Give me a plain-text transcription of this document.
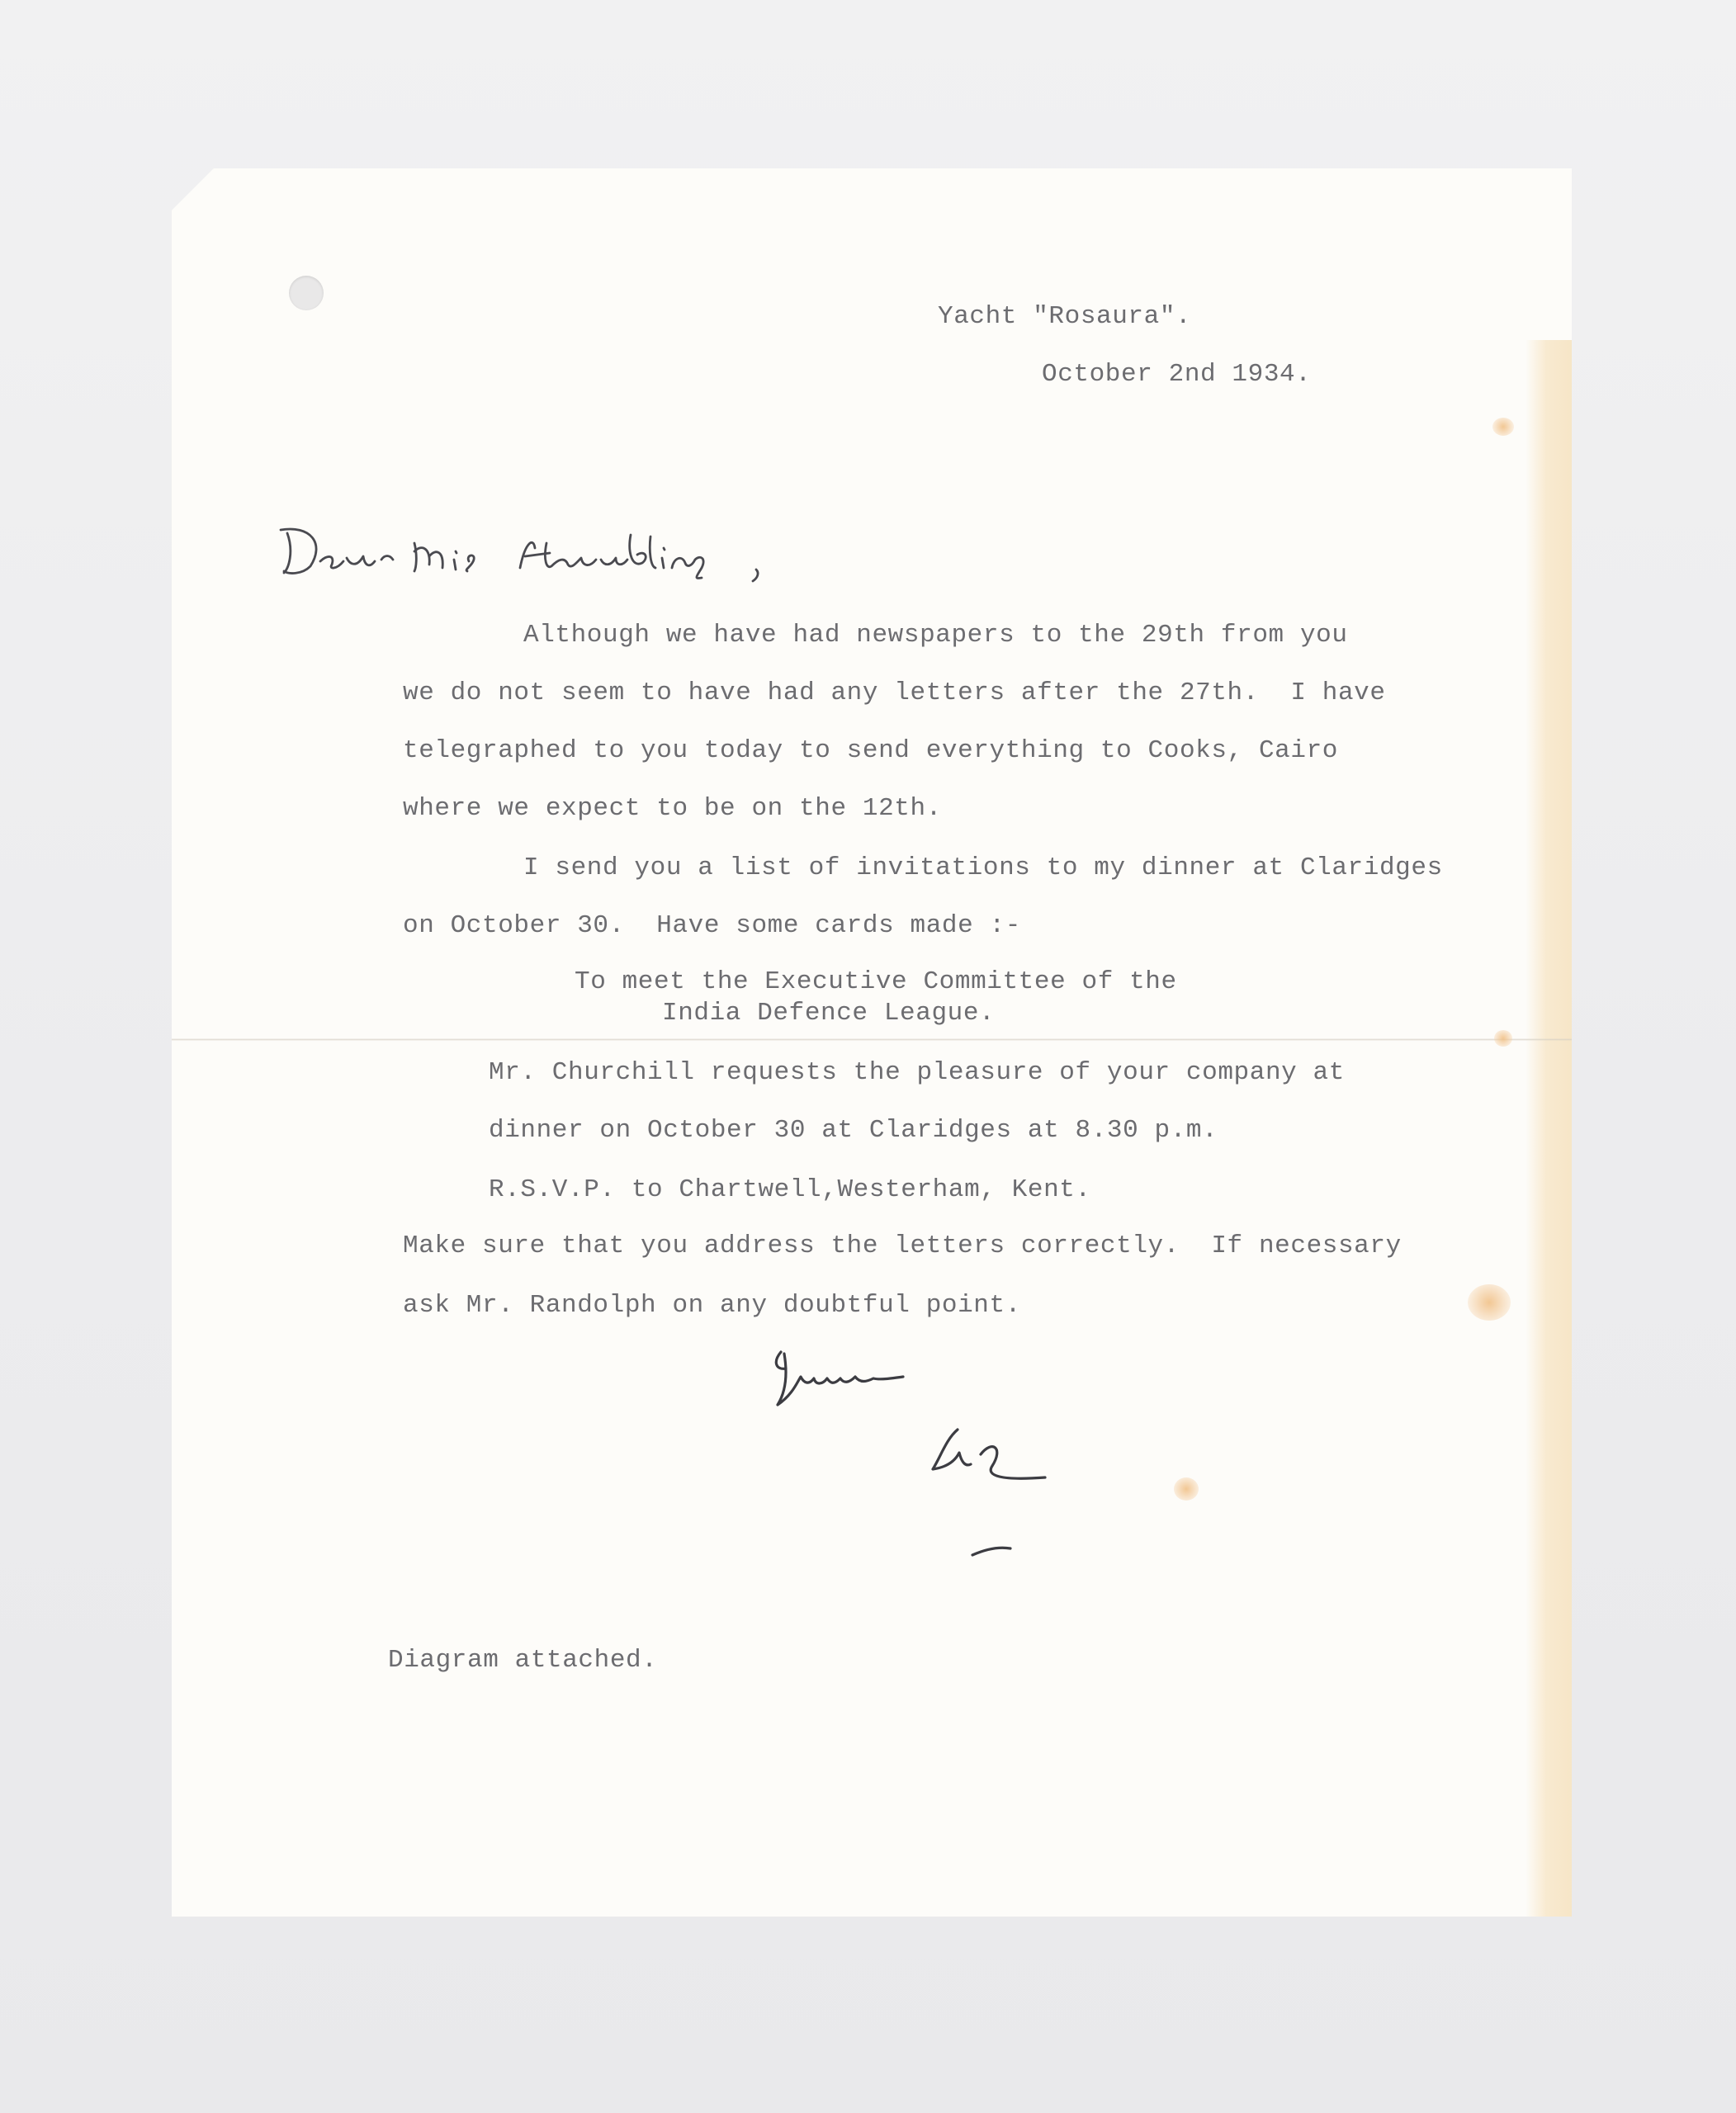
Yacht "Rosaura".

October 2nd 1934.

Although we have had newspapers to the 29th from you

we do not seem to have had any letters after the 27th.  I have

telegraphed to you today to send everything to Cooks, Cairo

where we expect to be on the 12th.

I send you a list of invitations to my dinner at Claridges

on October 30.  Have some cards made :-

To meet the Executive Committee of the

India Defence League.

Mr. Churchill requests the pleasure of your company at

dinner on October 30 at Claridges at 8.30 p.m.

R.S.V.P. to Chartwell,Westerham, Kent.

Make sure that you address the letters correctly.  If necessary

ask Mr. Randolph on any doubtful point.

Diagram attached.
